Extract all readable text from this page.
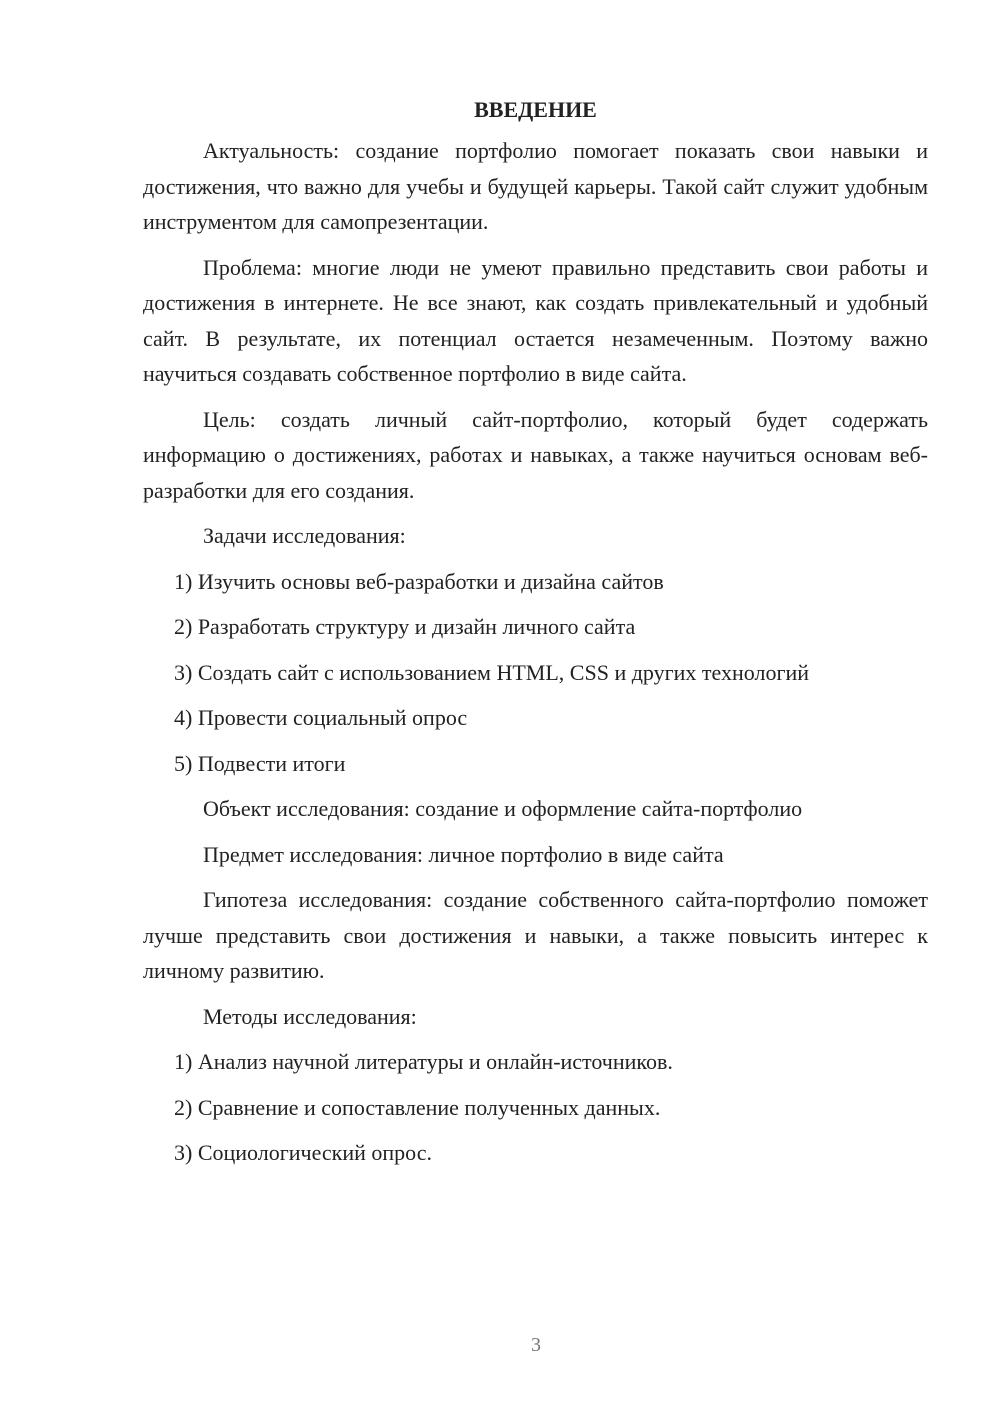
ВВЕДЕНИЕ

Актуальность: создание портфолио помогает показать свои навыки и достижения, что важно для учебы и будущей карьеры. Такой сайт служит удобным инструментом для самопрезентации.

Проблема: многие люди не умеют правильно представить свои работы и достижения в интернете. Не все знают, как создать привлекательный и удобный сайт. В результате, их потенциал остается незамеченным. Поэтому важно научиться создавать собственное портфолио в виде сайта.

Цель: создать личный сайт-портфолио, который будет содержать информацию о достижениях, работах и навыках, а также научиться основам веб-разработки для его создания.

Задачи исследования:
1) Изучить основы веб-разработки и дизайна сайтов
2) Разработать структуру и дизайн личного сайта
3) Создать сайт с использованием HTML, CSS и других технологий
4) Провести социальный опрос
5) Подвести итоги
Объект исследования: создание и оформление сайта-портфолио
Предмет исследования: личное портфолио в виде сайта

Гипотеза исследования: создание собственного сайта-портфолио поможет лучше представить свои достижения и навыки, а также повысить интерес к личному развитию.

Методы исследования:
1) Анализ научной литературы и онлайн-источников.
2) Сравнение и сопоставление полученных данных.
3) Социологический опрос.
3
